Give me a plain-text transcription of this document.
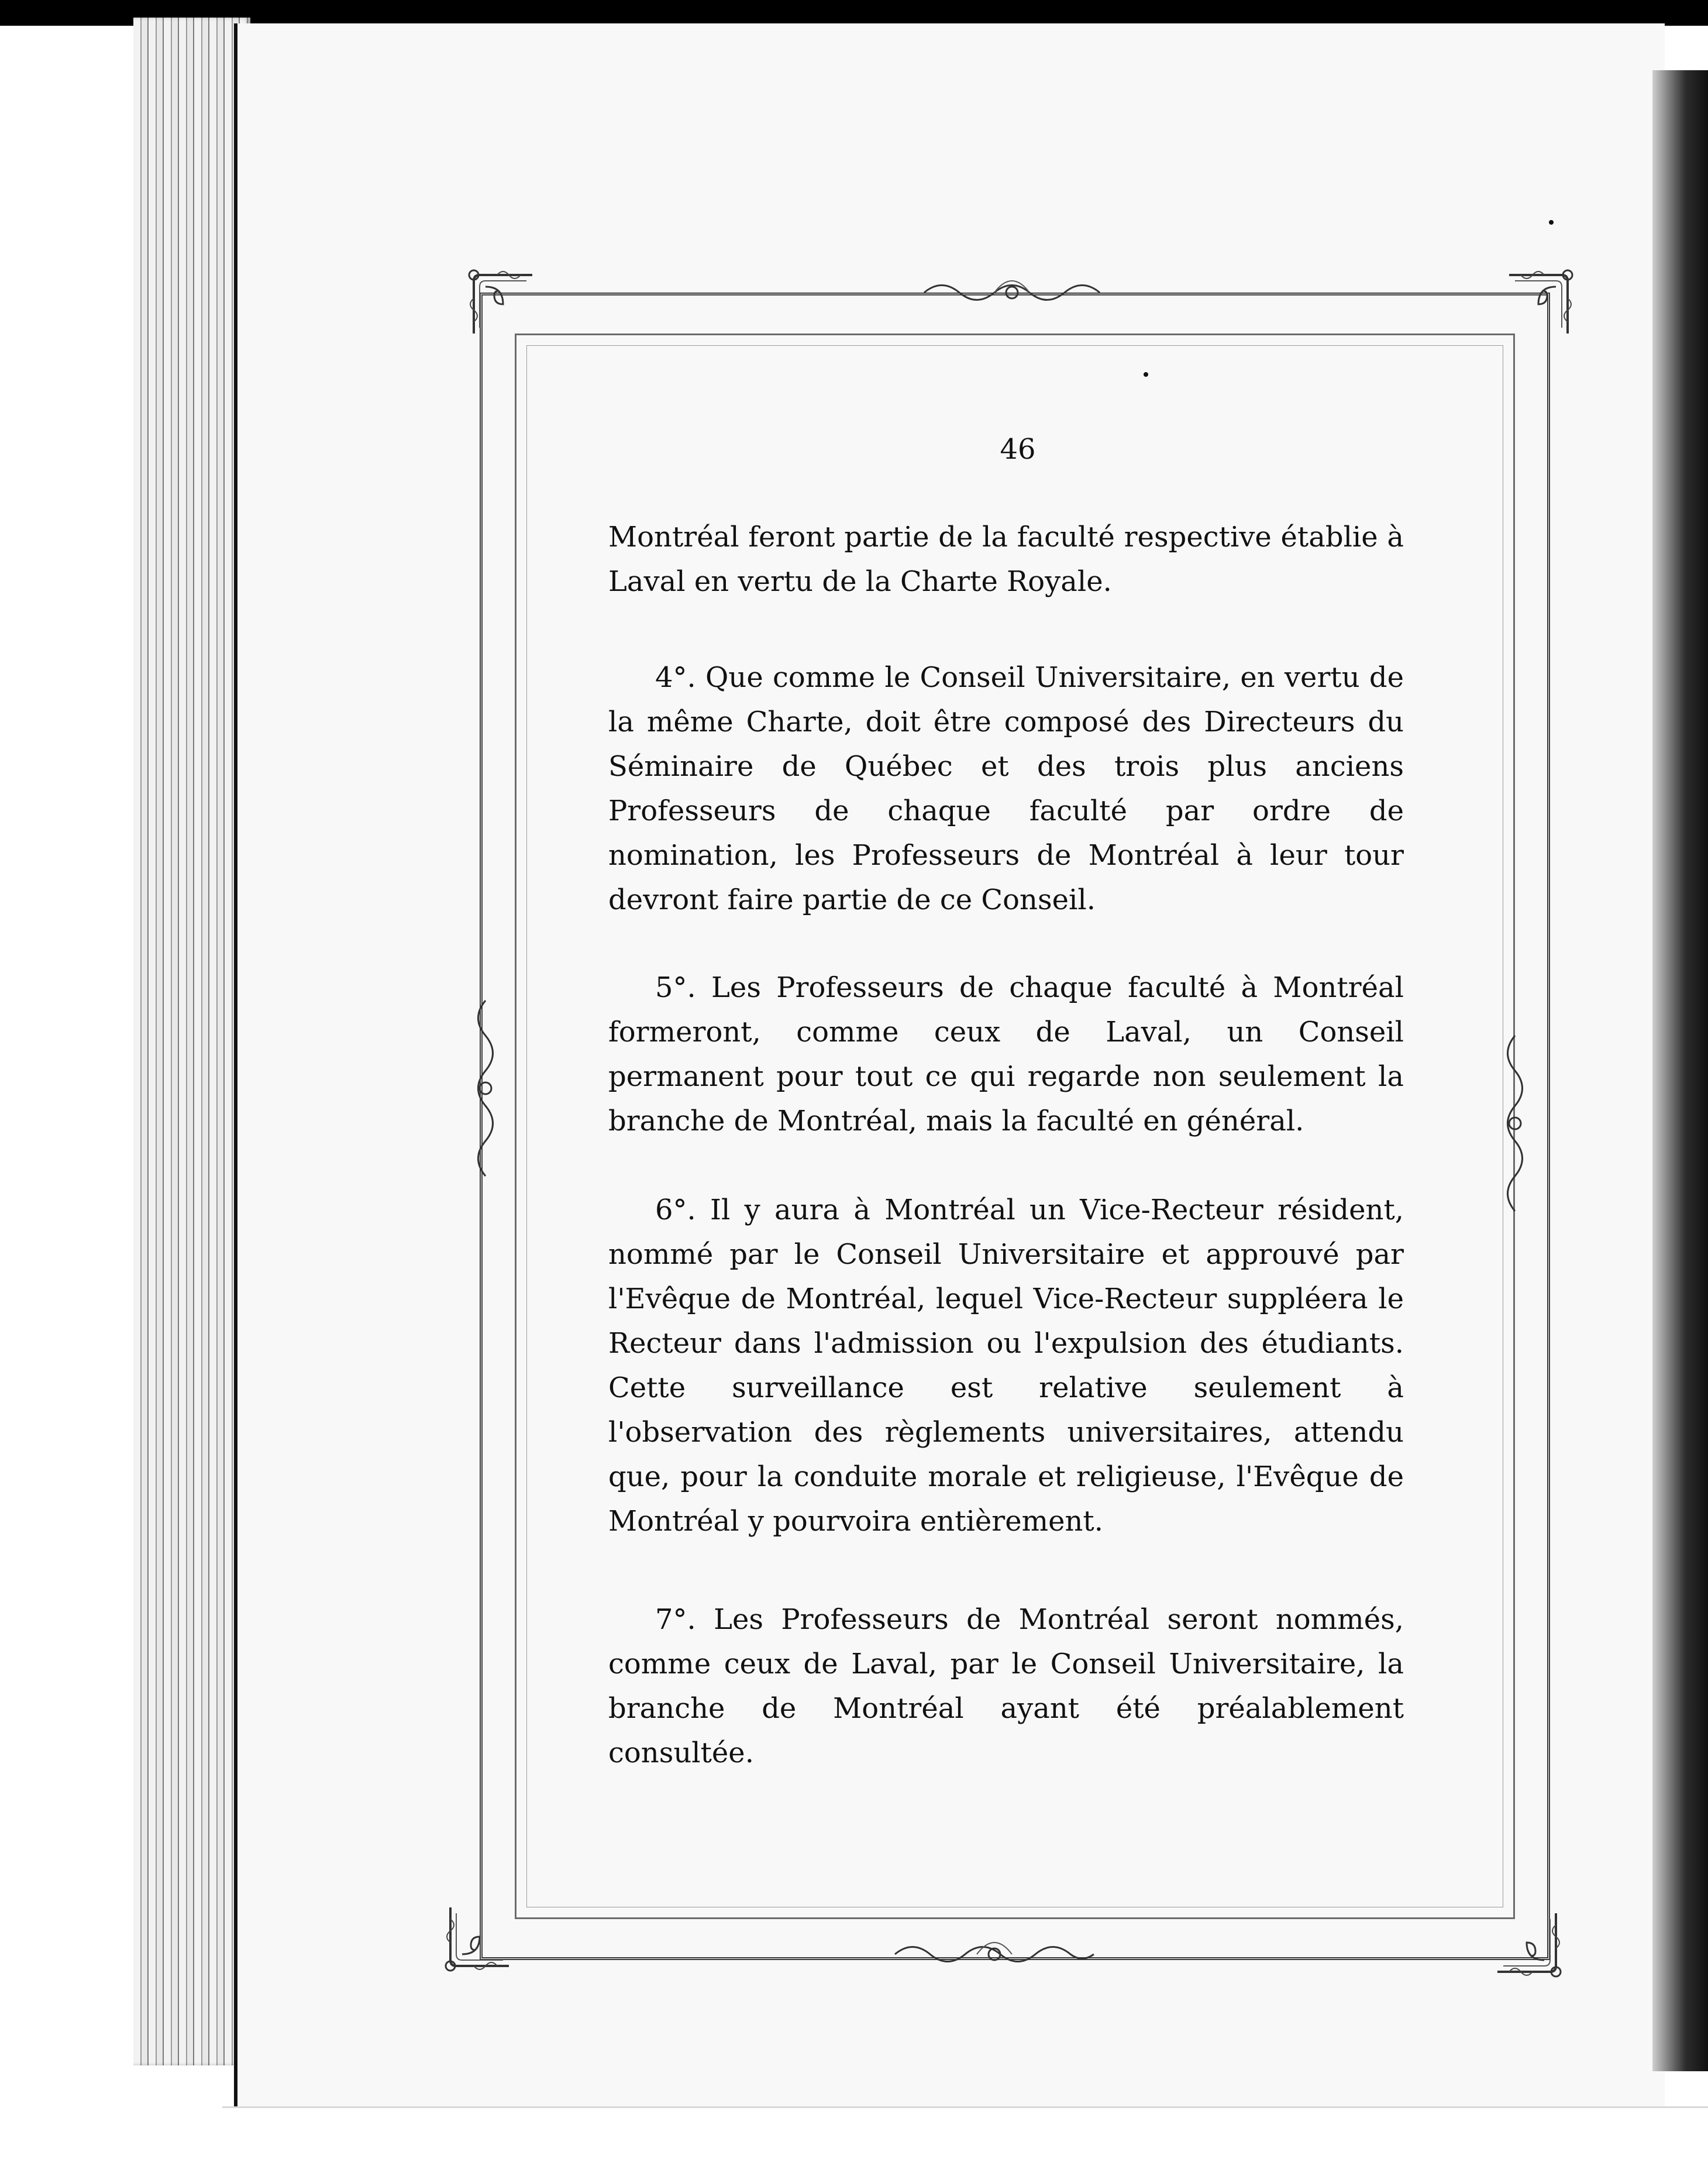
46

Montréal feront partie de la faculté respective établie à Laval en vertu de la Charte Royale.

4°. Que comme le Conseil Universitaire, en vertu de la même Charte, doit être composé des Directeurs du Séminaire de Québec et des trois plus anciens Professeurs de chaque faculté par ordre de nomination, les Professeurs de Montréal à leur tour devront faire partie de ce Conseil.

5°. Les Professeurs de chaque faculté à Montréal formeront, comme ceux de Laval, un Conseil permanent pour tout ce qui regarde non seulement la branche de Montréal, mais la faculté en général.

6°. Il y aura à Montréal un Vice-Recteur résident, nommé par le Conseil Universitaire et approuvé par l'Evêque de Montréal, lequel Vice-Recteur suppléera le Recteur dans l'admission ou l'expulsion des étudiants. Cette surveillance est relative seulement à l'observation des règlements universitaires, attendu que, pour la conduite morale et religieuse, l'Evêque de Montréal y pourvoira entièrement.

7°. Les Professeurs de Montréal seront nommés, comme ceux de Laval, par le Conseil Universitaire, la branche de Montréal ayant été préalablement consultée.
